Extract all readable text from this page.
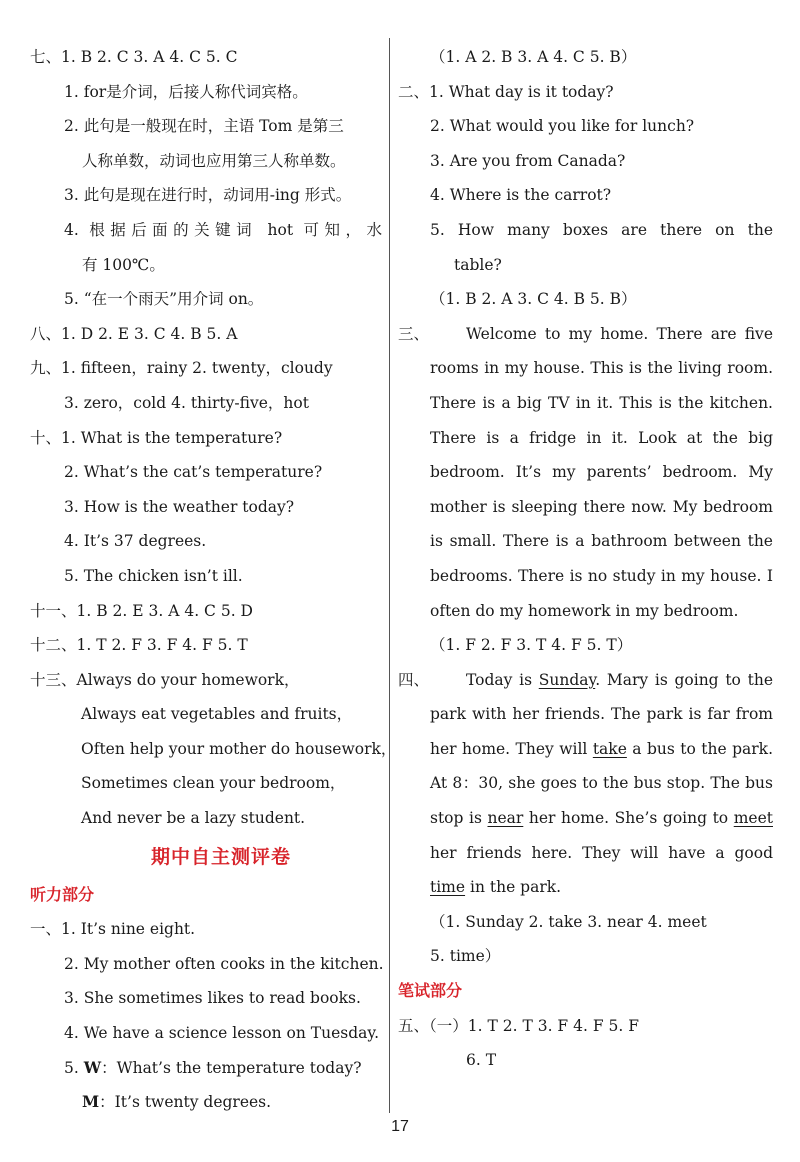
七、1. B 2. C 3. A 4. C 5. C
1. for是介词，后接人称代词宾格。
2. 此句是一般现在时，主语 Tom 是第三
人称单数，动词也应用第三人称单数。
3. 此句是现在进行时，动词用-ing 形式。
4. 根据后面的关键词 hot 可知，水
有 100℃。
5. “在一个雨天”用介词 on。
八、1. D 2. E 3. C 4. B 5. A
九、1. fifteen，rainy 2. twenty，cloudy
3. zero，cold 4. thirty-five，hot
十、1. What is the temperature?
2. What’s the cat’s temperature?
3. How is the weather today?
4. It’s 37 degrees.
5. The chicken isn’t ill.
十一、1. B 2. E 3. A 4. C 5. D
十二、1. T 2. F 3. F 4. F 5. T
十三、Always do your homework，
Always eat vegetables and fruits，
Often help your mother do housework，
Sometimes clean your bedroom，
And never be a lazy student.
期中自主测评卷
听力部分
一、1. It’s nine eight.
2. My mother often cooks in the kitchen.
3. She sometimes likes to read books.
4. We have a science lesson on Tuesday.
5. W：What’s the temperature today?
M：It’s twenty degrees.
（1. A 2. B 3. A 4. C 5. B）
二、1. What day is it today?
2. What would you like for lunch?
3. Are you from Canada?
4. Where is the carrot?
5. How many boxes are there on the
table?
（1. B 2. A 3. C 4. B 5. B）
三、	Welcome to my home. There are five rooms in my house. This is the living room. There is a big TV in it. This is the kitchen. There is a fridge in it. Look at the big bedroom. It’s my parents’ bedroom. My mother is sleeping there now. My bedroom is small. There is a bathroom between the bedrooms. There is no study in my house. I often do my homework in my bedroom.
（1. F 2. F 3. T 4. F 5. T）
四、	Today is Sunday. Mary is going to the park with her friends. The park is far from her home. They will take a bus to the park. At 8：30, she goes to the bus stop. The bus stop is near her home. She’s going to meet her friends here. They will have a good time in the park.
（1. Sunday 2. take 3. near 4. meet
5. time）
笔试部分
五、（一）1. T 2. T 3. F 4. F 5. F
6. T
17
